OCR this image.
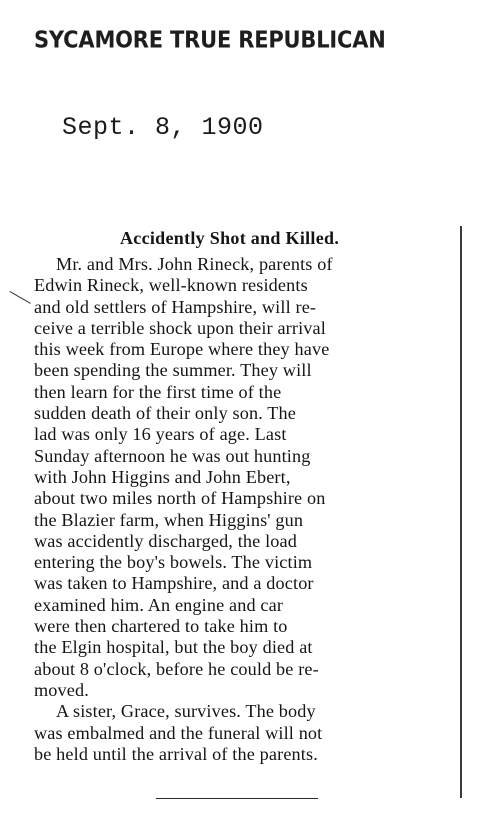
SYCAMORE TRUE REPUBLICAN
Sept. 8, 1900
Accidently Shot and Killed.
Mr. and Mrs. John Rineck, parents of
Edwin Rineck, well-known residents
and old settlers of Hampshire, will re-
ceive a terrible shock upon their arrival
this week from Europe where they have
been spending the summer. They will
then learn for the first time of the
sudden death of their only son. The
lad was only 16 years of age. Last
Sunday afternoon he was out hunting
with John Higgins and John Ebert,
about two miles north of Hampshire on
the Blazier farm, when Higgins' gun
was accidently discharged, the load
entering the boy's bowels. The victim
was taken to Hampshire, and a doctor
examined him. An engine and car
were then chartered to take him to
the Elgin hospital, but the boy died at
about 8 o'clock, before he could be re-
moved.
A sister, Grace, survives. The body
was embalmed and the funeral will not
be held until the arrival of the parents.
